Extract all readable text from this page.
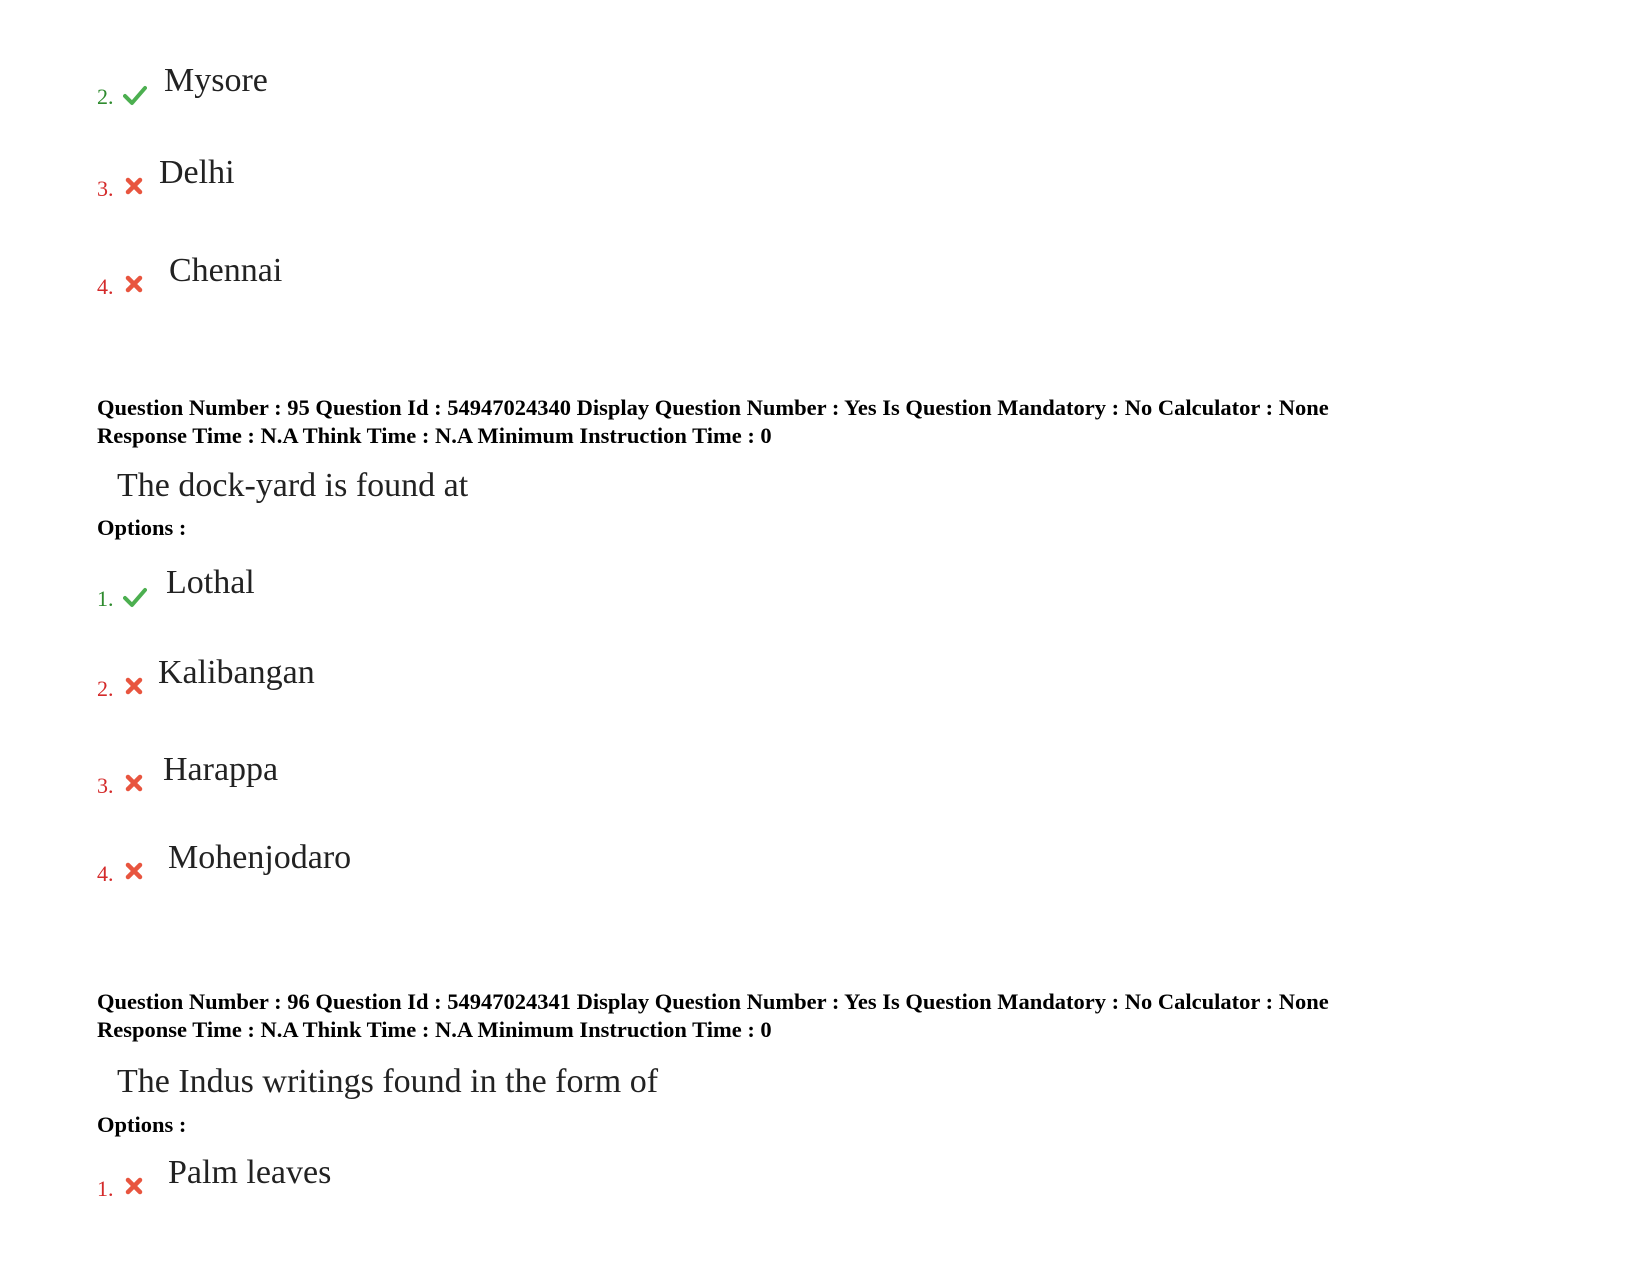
2. Mysore
3. Delhi
4. Chennai
Question Number : 95 Question Id : 54947024340 Display Question Number : Yes Is Question Mandatory : No Calculator : None
Response Time : N.A Think Time : N.A Minimum Instruction Time : 0
The dock-yard is found at
Options :
1. Lothal
2. Kalibangan
3. Harappa
4. Mohenjodaro
Question Number : 96 Question Id : 54947024341 Display Question Number : Yes Is Question Mandatory : No Calculator : None
Response Time : N.A Think Time : N.A Minimum Instruction Time : 0
The Indus writings found in the form of
Options :
1. Palm leaves
